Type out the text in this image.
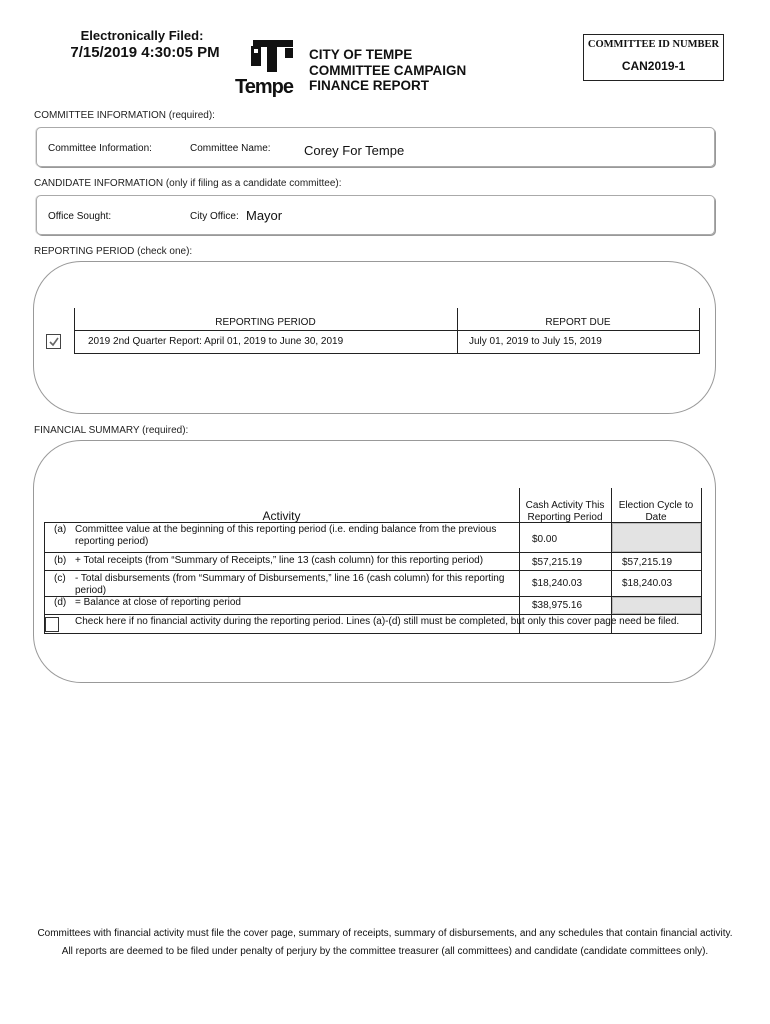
Electronically Filed:
7/15/2019 4:30:05 PM
Tempe
CITY OF TEMPE
COMMITTEE CAMPAIGN
FINANCE REPORT
COMMITTEE ID NUMBER
CAN2019-1
COMMITTEE INFORMATION (required):
Committee Information:	Committee Name:	Corey For Tempe
CANDIDATE INFORMATION (only if filing as a candidate committee):
Office Sought:	City Office: Mayor
REPORTING PERIOD (check one):
REPORTING PERIOD	REPORT DUE
2019 2nd Quarter Report: April 01, 2019 to June 30, 2019	July 01, 2019 to July 15, 2019
FINANCIAL SUMMARY (required):
Activity
Cash Activity This
Reporting Period
Election Cycle to
Date
(a) Committee value at the beginning of this reporting period (i.e. ending balance from the previous
reporting period)	$0.00
(b) + Total receipts (from “Summary of Receipts,” line 13 (cash column) for this reporting period)	$57,215.19	$57,215.19
(c) - Total disbursements (from “Summary of Disbursements,” line 16 (cash column) for this reporting
period)
$18,240.03	$18,240.03
(d) = Balance at close of reporting period	$38,975.16
Check here if no financial activity during the reporting period. Lines (a)-(d) still must be completed, but only this cover page need be filed.
Committees with financial activity must file the cover page, summary of receipts, summary of disbursements, and any schedules that contain financial activity.
All reports are deemed to be filed under penalty of perjury by the committee treasurer (all committees) and candidate (candidate committees only).
